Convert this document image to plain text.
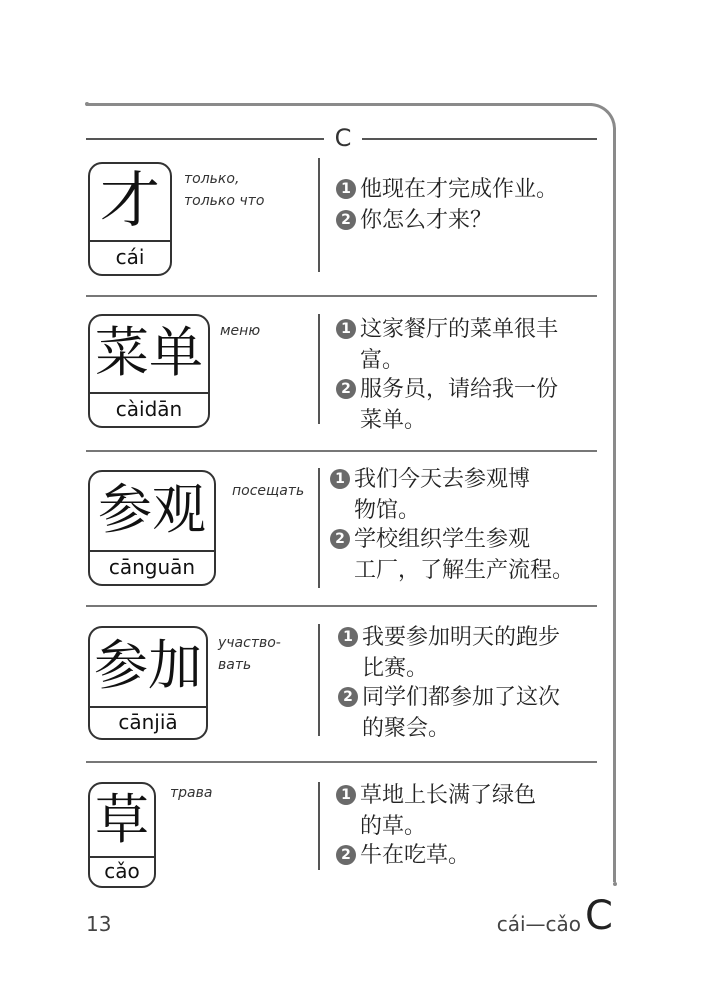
C
才
cái
только,
только что
1 他现在才完成作业。
2 你怎么才来？
菜单
càidān
меню	1 这家餐厅的菜单很丰
富。
2 服务员，请给我一份
菜单。
参观
cānguān
посещать
1 我们今天去参观博
物馆。
2 学校组织学生参观
工厂，了解生产流程。
参加
cānjiā
участво-
вать
1 我要参加明天的跑步
比赛。
2 同学们都参加了这次
的聚会。
草
cǎo
трава	1 草地上长满了绿色
的草。
2 牛在吃草。
13	cái—cǎo C
